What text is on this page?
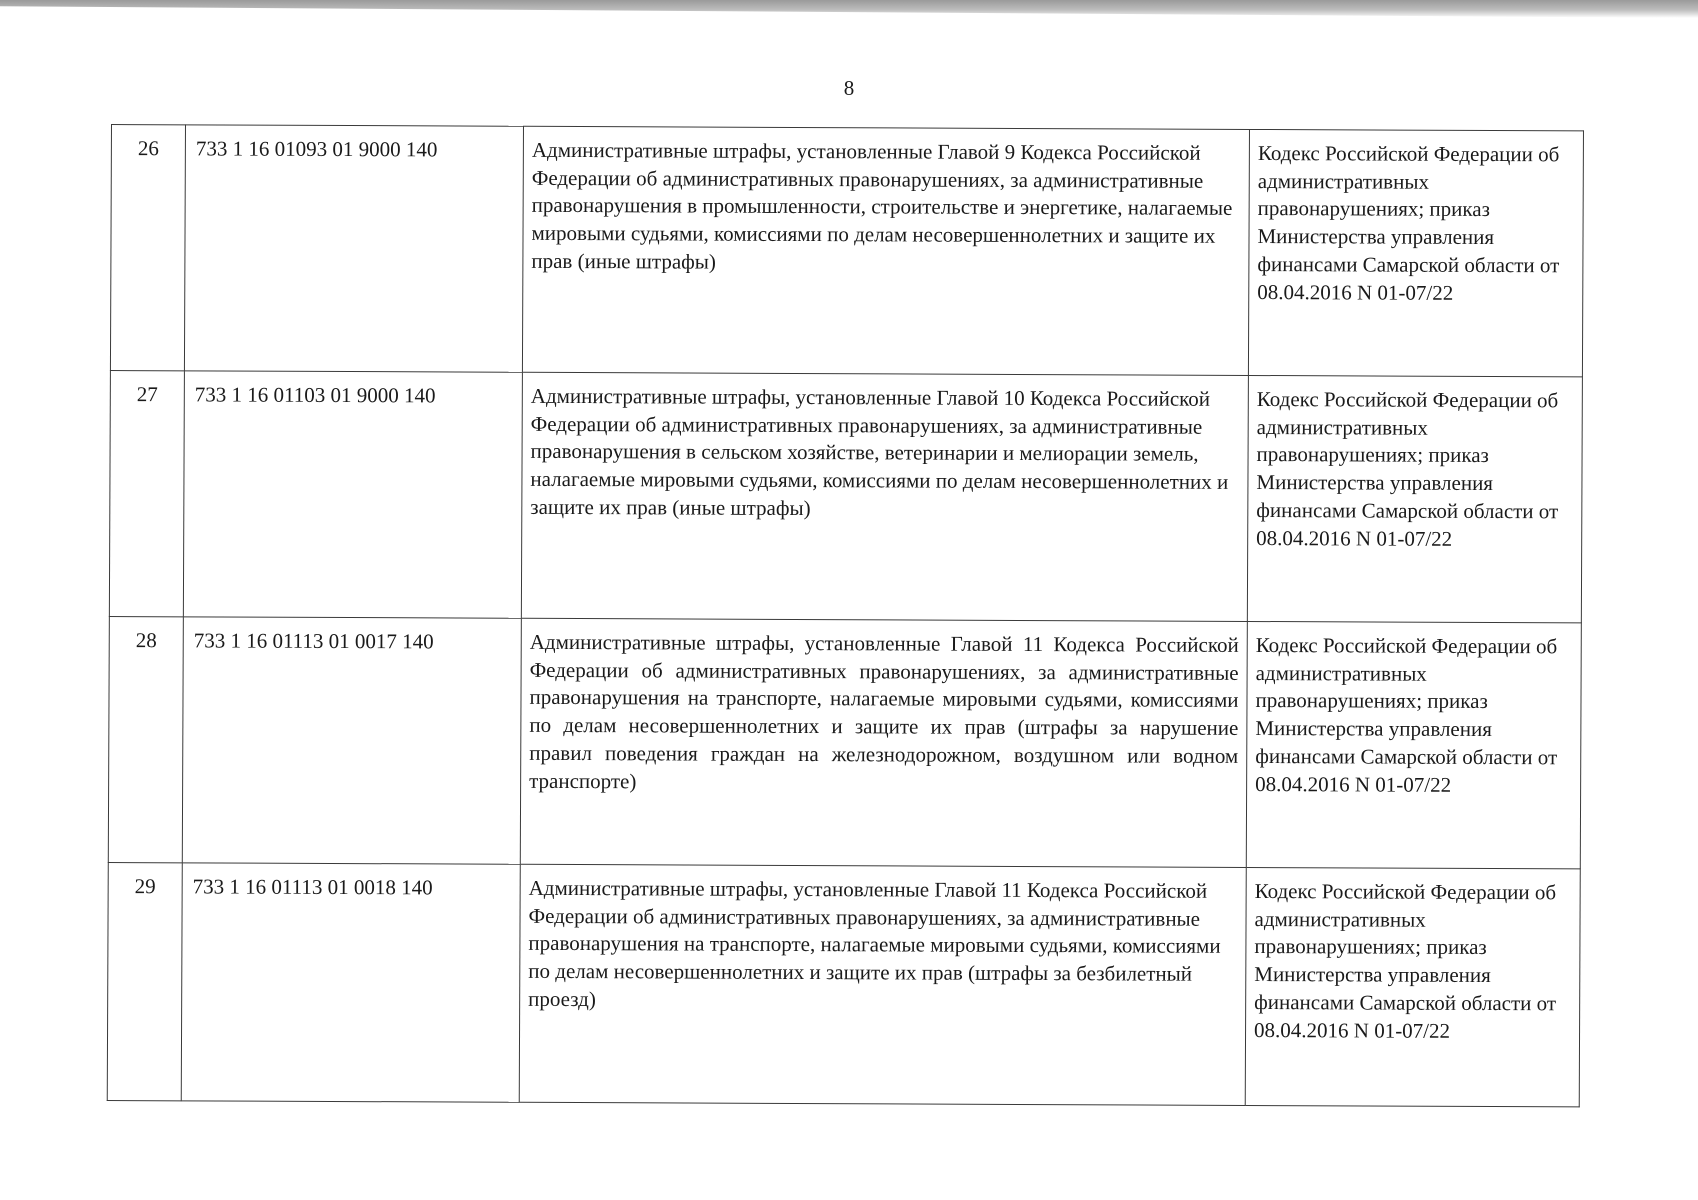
8
26	733 1 16 01093 01 9000 140	Административные штрафы, установленные Главой 9 Кодекса Российской Федерации об административных правонарушениях, за административные правонарушения в промышленности, строительстве и энергетике, налагаемые мировыми судьями, комиссиями по делам несовершеннолетних и защите их прав (иные штрафы)	Кодекс Российской Федерации об административных правонарушениях; приказ Министерства управления финансами Самарской области от 08.04.2016 N 01-07/22
27	733 1 16 01103 01 9000 140	Административные штрафы, установленные Главой 10 Кодекса Российской Федерации об административных правонарушениях, за административные правонарушения в сельском хозяйстве, ветеринарии и мелиорации земель, налагаемые мировыми судьями, комиссиями по делам несовершеннолетних и защите их прав (иные штрафы)	Кодекс Российской Федерации об административных правонарушениях; приказ Министерства управления финансами Самарской области от 08.04.2016 N 01-07/22
28	733 1 16 01113 01 0017 140	Административные штрафы, установленные Главой 11 Кодекса Российской Федерации об административных правонарушениях, за административные правонарушения на транспорте, налагаемые мировыми судьями, комиссиями по делам несовершеннолетних и защите их прав (штрафы за нарушение правил поведения граждан на железнодорожном, воздушном или водном транспорте)	Кодекс Российской Федерации об административных правонарушениях; приказ Министерства управления финансами Самарской области от 08.04.2016 N 01-07/22
29	733 1 16 01113 01 0018 140	Административные штрафы, установленные Главой 11 Кодекса Российской Федерации об административных правонарушениях, за административные правонарушения на транспорте, налагаемые мировыми судьями, комиссиями по делам несовершеннолетних и защите их прав (штрафы за безбилетный проезд)	Кодекс Российской Федерации об административных правонарушениях; приказ Министерства управления финансами Самарской области от 08.04.2016 N 01-07/22
